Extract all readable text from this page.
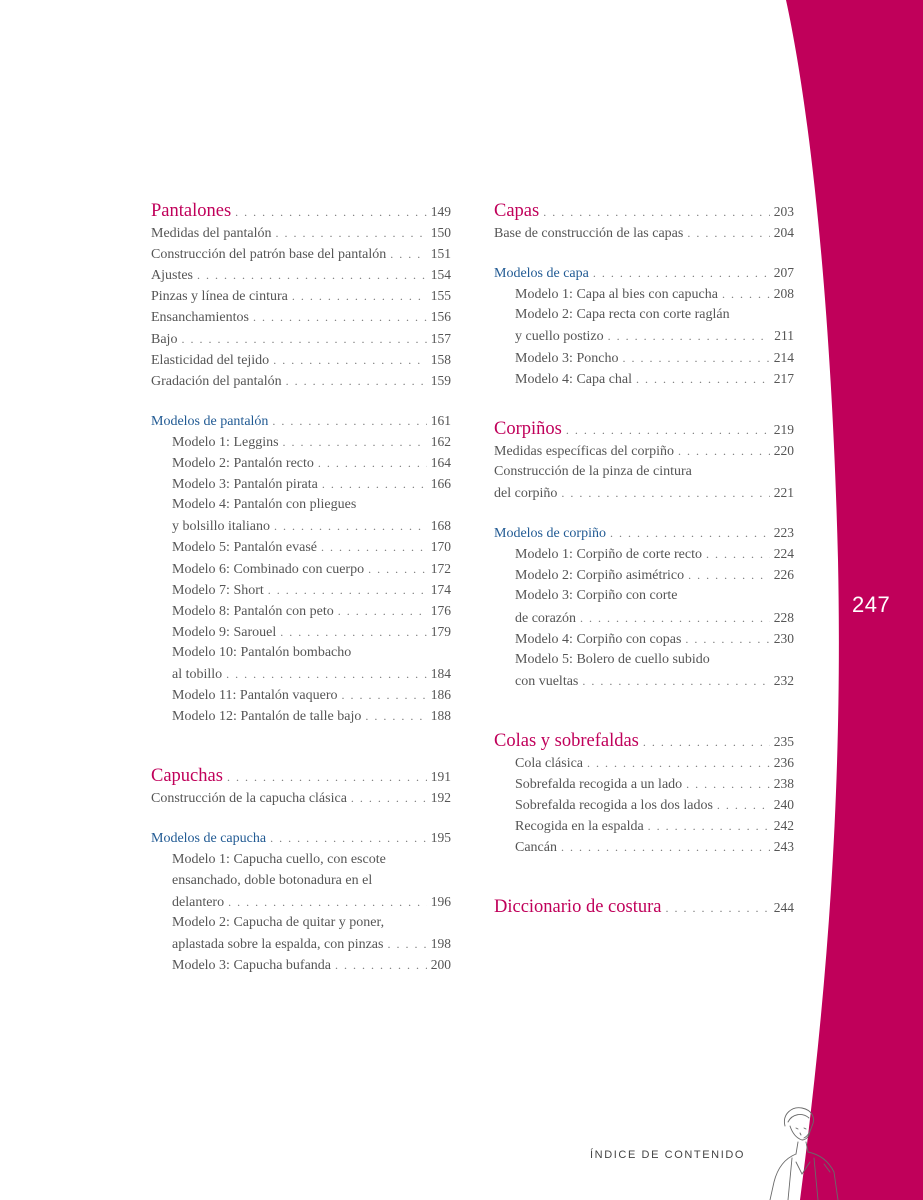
247
Pantalones . . .	149
Medidas del pantalón . . .	150
Construcción del patrón base del pantalón . . .	151
Ajustes . . .	154
Pinzas y línea de cintura . . .	155
Ensanchamientos . . .	156
Bajo . . .	157
Elasticidad del tejido . . .	158
Gradación del pantalón . . .	159
Modelos de pantalón . . .	161
Modelo 1: Leggins . . .	162
Modelo 2: Pantalón recto . . .	164
Modelo 3: Pantalón pirata . . .	166
Modelo 4: Pantalón con pliegues
y bolsillo italiano . . .	168
Modelo 5: Pantalón evasé . . .	170
Modelo 6: Combinado con cuerpo . . .	172
Modelo 7: Short . . .	174
Modelo 8: Pantalón con peto . . .	176
Modelo 9: Sarouel . . .	179
Modelo 10: Pantalón bombacho
al tobillo . . .	184
Modelo 11: Pantalón vaquero . . .	186
Modelo 12: Pantalón de talle bajo . . .	188
Capuchas . . .	191
Construcción de la capucha clásica . . .	192
Modelos de capucha . . .	195
Modelo 1: Capucha cuello, con escote
ensanchado, doble botonadura en el
delantero . . .	196
Modelo 2: Capucha de quitar y poner,
aplastada sobre la espalda, con pinzas . . .	198
Modelo 3: Capucha bufanda . . .	200
Capas . . .	203
Base de construcción de las capas . . .	204
Modelos de capa . . .	207
Modelo 1: Capa al bies con capucha . . .	208
Modelo 2: Capa recta con corte raglán
y cuello postizo . . .	211
Modelo 3: Poncho . . .	214
Modelo 4: Capa chal . . .	217
Corpiños . . .	219
Medidas específicas del corpiño . . .	220
Construcción de la pinza de cintura
del corpiño . . .	221
Modelos de corpiño . . .	223
Modelo 1: Corpiño de corte recto . . .	224
Modelo 2: Corpiño asimétrico . . .	226
Modelo 3: Corpiño con corte
de corazón . . .	228
Modelo 4: Corpiño con copas . . .	230
Modelo 5: Bolero de cuello subido
con vueltas . . .	232
Colas y sobrefaldas . . .	235
Cola clásica . . .	236
Sobrefalda recogida a un lado . . .	238
Sobrefalda recogida a los dos lados . . .	240
Recogida en la espalda . . .	242
Cancán . . .	243
Diccionario de costura . . .	244
ÍNDICE DE CONTENIDO
